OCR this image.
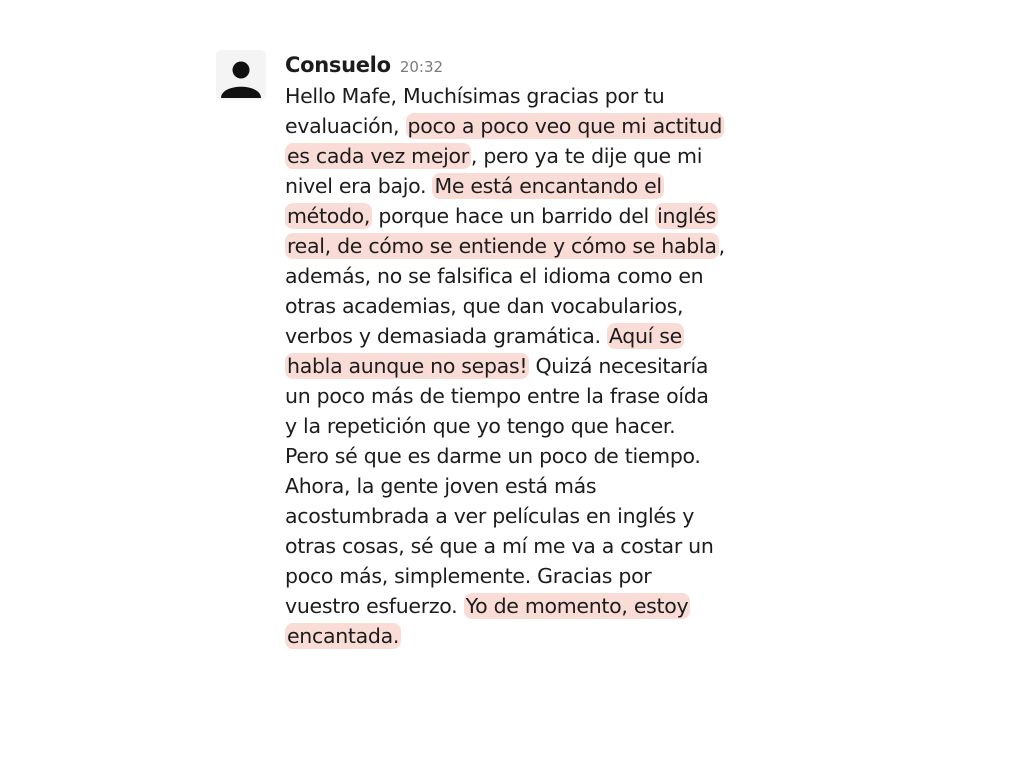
Consuelo 20:32
Hello Mafe, Muchísimas gracias por tu evaluación, poco a poco veo que mi actitud es cada vez mejor, pero ya te dije que mi nivel era bajo. Me está encantando el método, porque hace un barrido del inglés real, de cómo se entiende y cómo se habla, además, no se falsifica el idioma como en otras academias, que dan vocabularios, verbos y demasiada gramática. Aquí se habla aunque no sepas! Quizá necesitaría un poco más de tiempo entre la frase oída y la repetición que yo tengo que hacer. Pero sé que es darme un poco de tiempo. Ahora, la gente joven está más acostumbrada a ver películas en inglés y otras cosas, sé que a mí me va a costar un poco más, simplemente. Gracias por vuestro esfuerzo. Yo de momento, estoy encantada.
